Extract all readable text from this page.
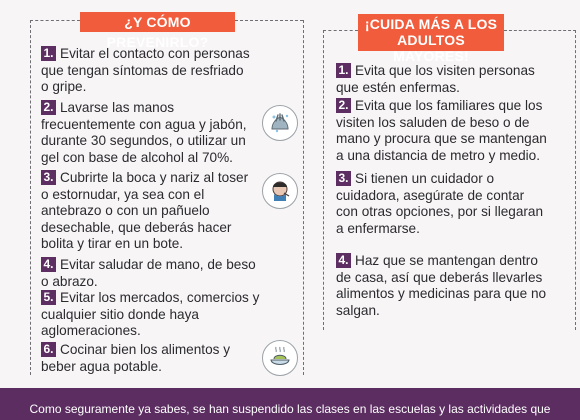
¿Y CÓMO PREVENIRLO?
1. Evitar el contacto con personas
que tengan síntomas de resfriado
o gripe.
2. Lavarse las manos
frecuentemente con agua y jabón,
durante 30 segundos, o utilizar un
gel con base de alcohol al 70%.
3. Cubrirte la boca y nariz al toser
o estornudar, ya sea con el
antebrazo o con un pañuelo
desechable, que deberás hacer
bolita y tirar en un bote.
4. Evitar saludar de mano, de beso
o abrazo.
5. Evitar los mercados, comercios y
cualquier sitio donde haya
aglomeraciones.
6. Cocinar bien los alimentos y
beber agua potable.
¡CUIDA MÁS A LOS
ADULTOS MAYORES!
1. Evita que los visiten personas
que estén enfermas.
2. Evita que los familiares que los
visiten los saluden de beso o de
mano y procura que se mantengan
a una distancia de metro y medio.
3. Si tienen un cuidador o
cuidadora, asegúrate de contar
con otras opciones, por si llegaran
a enfermarse.
4. Haz que se mantengan dentro
de casa, así que deberás llevarles
alimentos y medicinas para que no
salgan.
Como seguramente ya sabes, se han suspendido las clases en las escuelas y las actividades que
